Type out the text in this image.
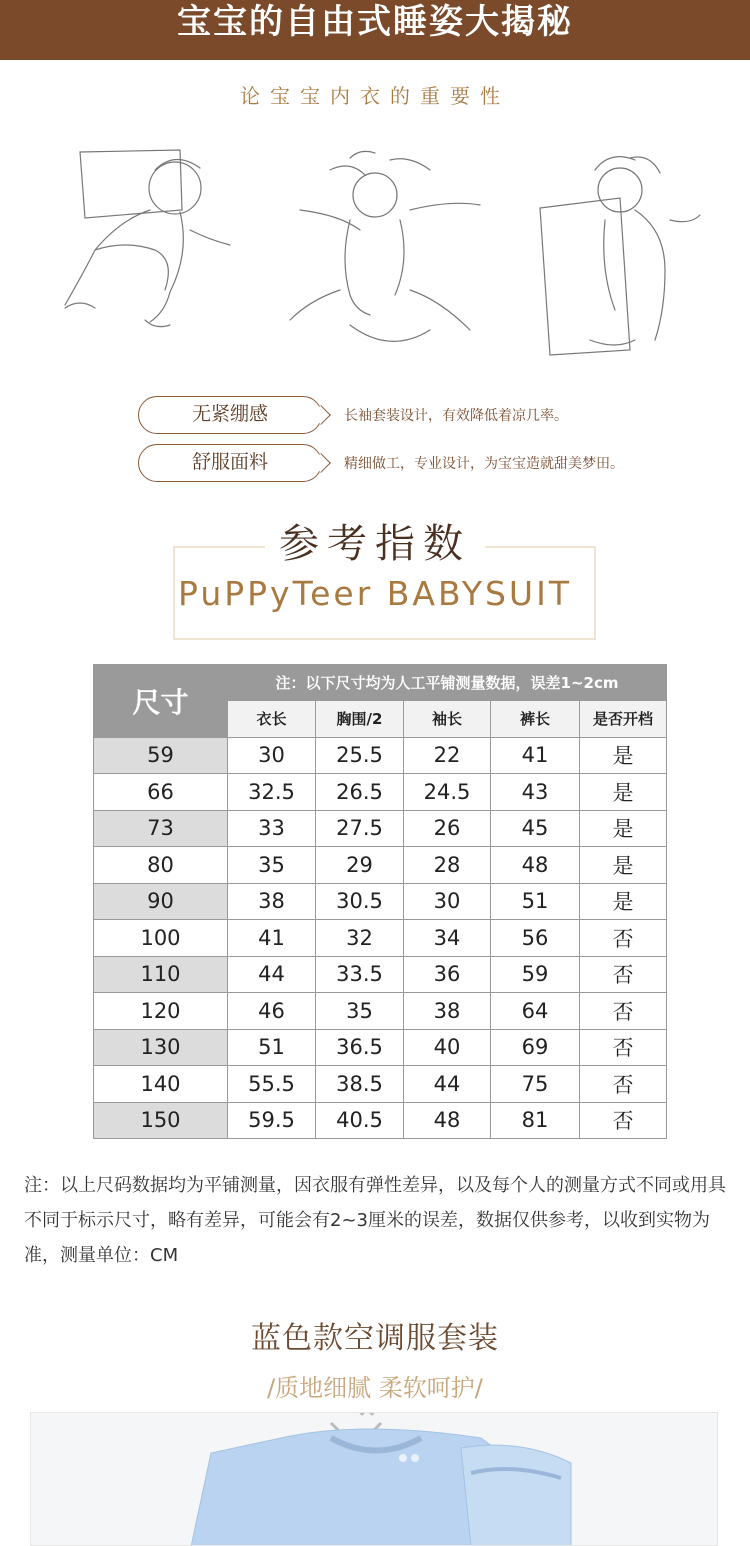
宝宝的自由式睡姿大揭秘
论宝宝内衣的重要性
无紧绷感	长袖套装设计，有效降低着凉几率。
舒服面料	精细做工，专业设计，为宝宝造就甜美梦田。
参考指数
PuPPyTeer BABYSUIT
尺寸	注：以下尺寸均为人工平铺测量数据，误差1~2cm				
	衣长	胸围/2	袖长	裤长	是否开档
59	30	25.5	22	41	是
66	32.5	26.5	24.5	43	是
73	33	27.5	26	45	是
80	35	29	28	48	是
90	38	30.5	30	51	是
100	41	32	34	56	否
110	44	33.5	36	59	否
120	46	35	38	64	否
130	51	36.5	40	69	否
140	55.5	38.5	44	75	否
150	59.5	40.5	48	81	否
注：以上尺码数据均为平铺测量，因衣服有弹性差异，以及每个人的测量方式不同或用具不同于标示尺寸，略有差异，可能会有2~3厘米的误差，数据仅供参考，以收到实物为准，测量单位：CM
蓝色款空调服套装
/质地细腻 柔软呵护/
